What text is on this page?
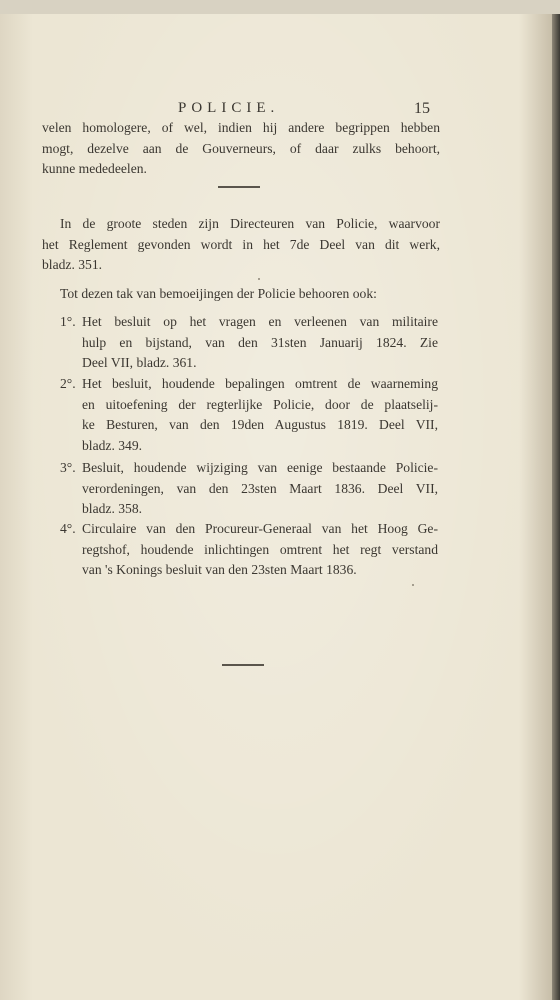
POLICIE.	15
velen homologere, of wel, indien hij andere begrippen hebben
mogt, dezelve aan de Gouverneurs, of daar zulks behoort,
kunne mededeelen.
In de groote steden zijn Directeuren van Policie, waarvoor
het Reglement gevonden wordt in het 7de Deel van dit werk,
bladz. 351.
Tot dezen tak van bemoeijingen der Policie behooren ook:
1°. Het besluit op het vragen en verleenen van militaire
hulp en bijstand, van den 31sten Januarij 1824. Zie
Deel VII, bladz. 361.
2°. Het besluit, houdende bepalingen omtrent de waarneming
en uitoefening der regterlijke Policie, door de plaatselij-
ke Besturen, van den 19den Augustus 1819. Deel VII,
bladz. 349.
3°. Besluit, houdende wijziging van eenige bestaande Policie-
verordeningen, van den 23sten Maart 1836. Deel VII,
bladz. 358.
4°. Circulaire van den Procureur-Generaal van het Hoog Ge-
regtshof, houdende inlichtingen omtrent het regt verstand
van 's Konings besluit van den 23sten Maart 1836.
